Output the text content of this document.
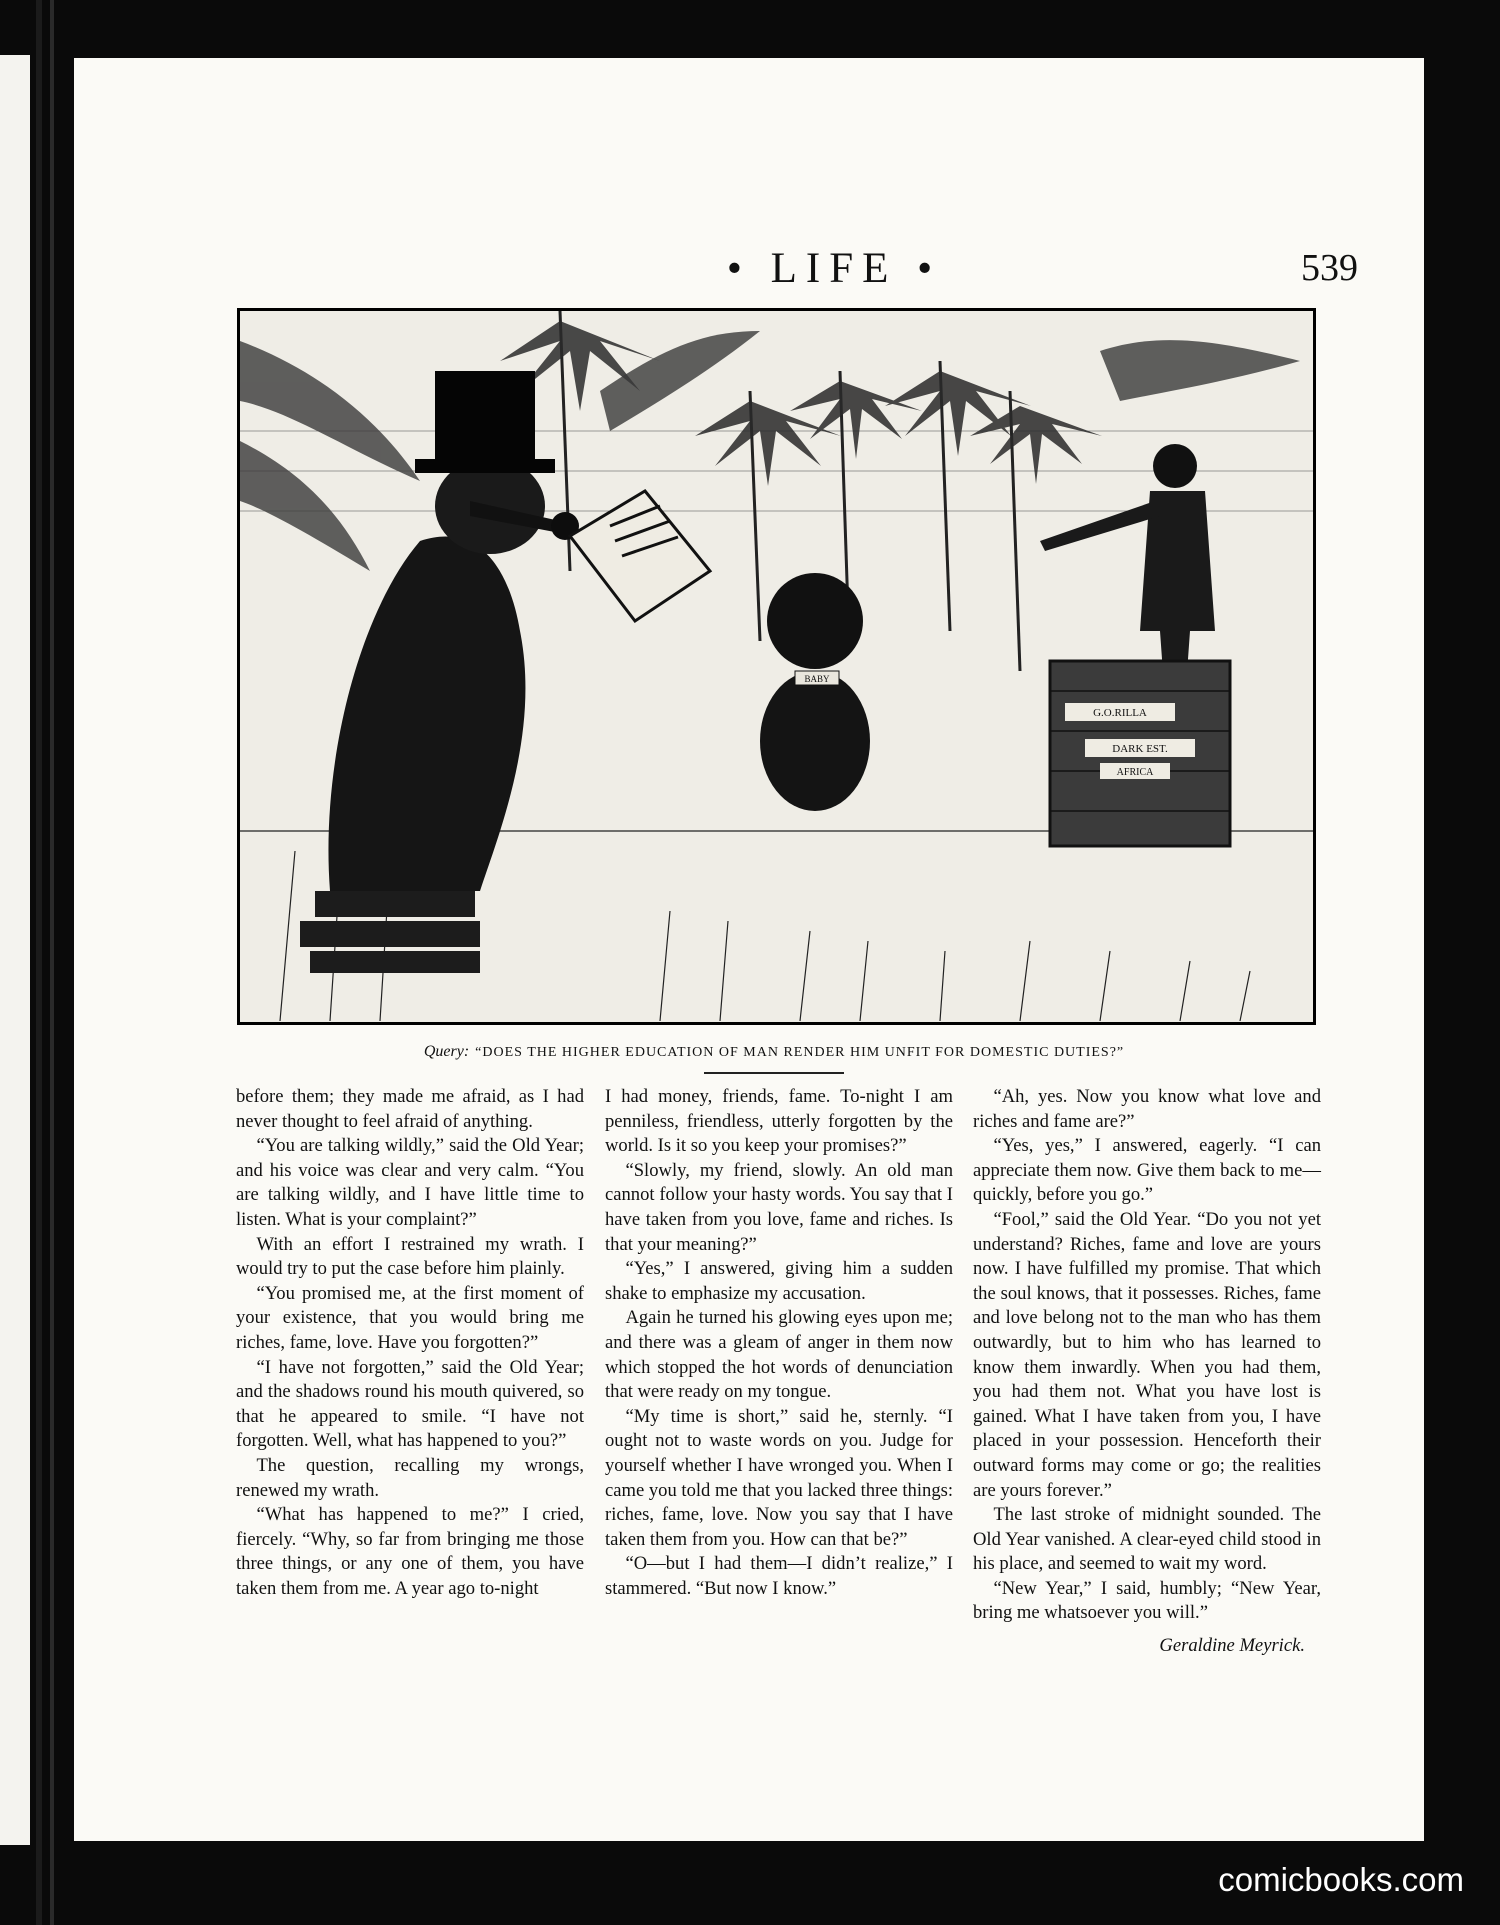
• LIFE •	539
BABY
G.O.RILLA
DARK EST.
AFRICA
Query: “DOES THE HIGHER EDUCATION OF MAN RENDER HIM UNFIT FOR DOMESTIC DUTIES?”

before them; they made me afraid, as I had never thought to feel afraid of anything.

“You are talking wildly,” said the Old Year; and his voice was clear and very calm. “You are talking wildly, and I have little time to listen. What is your complaint?”

With an effort I restrained my wrath. I would try to put the case before him plainly.

“You promised me, at the first moment of your existence, that you would bring me riches, fame, love. Have you forgotten?”

“I have not forgotten,” said the Old Year; and the shadows round his mouth quivered, so that he appeared to smile. “I have not forgotten. Well, what has happened to you?”

The question, recalling my wrongs, renewed my wrath.

“What has happened to me?” I cried, fiercely. “Why, so far from bringing me those three things, or any one of them, you have taken them from me. A year ago to-night

I had money, friends, fame. To-night I am penniless, friendless, utterly forgotten by the world. Is it so you keep your promises?”

“Slowly, my friend, slowly. An old man cannot follow your hasty words. You say that I have taken from you love, fame and riches. Is that your meaning?”

“Yes,” I answered, giving him a sudden shake to emphasize my accusation.

Again he turned his glowing eyes upon me; and there was a gleam of anger in them now which stopped the hot words of denunciation that were ready on my tongue.

“My time is short,” said he, sternly. “I ought not to waste words on you. Judge for yourself whether I have wronged you. When I came you told me that you lacked three things: riches, fame, love. Now you say that I have taken them from you. How can that be?”

“O—but I had them—I didn’t realize,” I stammered. “But now I know.”

“Ah, yes. Now you know what love and riches and fame are?”

“Yes, yes,” I answered, eagerly. “I can appreciate them now. Give them back to me—quickly, before you go.”

“Fool,” said the Old Year. “Do you not yet understand? Riches, fame and love are yours now. I have fulfilled my promise. That which the soul knows, that it possesses. Riches, fame and love belong not to the man who has them outwardly, but to him who has learned to know them inwardly. When you had them, you had them not. What you have lost is gained. What I have taken from you, I have placed in your possession. Henceforth their outward forms may come or go; the realities are yours forever.”

The last stroke of midnight sounded. The Old Year vanished. A clear-eyed child stood in his place, and seemed to wait my word.

“New Year,” I said, humbly; “New Year, bring me whatsoever you will.”

Geraldine Meyrick.
comicbooks.com
